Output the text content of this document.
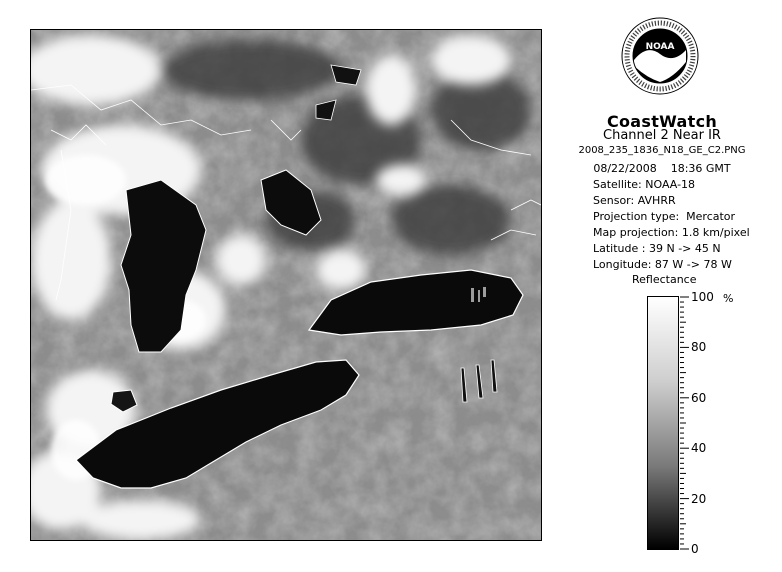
NOAA
CoastWatch
Channel 2 Near IR
2008_235_1836_N18_GE_C2.PNG
08/22/2008    18:36 GMT
Satellite: NOAA-18
Sensor: AVHRR
Projection type:  Mercator
Map projection: 1.8 km/pixel
Latitude : 39 N -> 45 N
Longitude: 87 W -> 78 W
Reflectance
%
100
80
60
40
20
0
